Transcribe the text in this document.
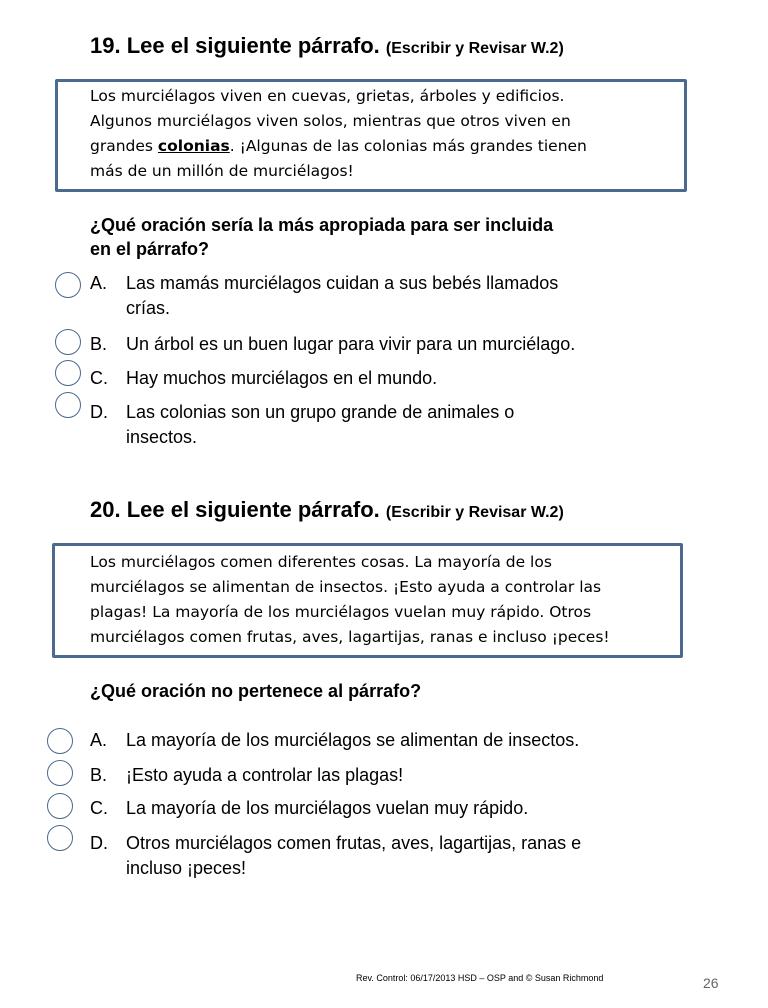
19. Lee el siguiente párrafo. (Escribir y Revisar W.2)
Los murciélagos viven en cuevas, grietas, árboles y edificios.
Algunos murciélagos viven solos, mientras que otros viven en
grandes colonias. ¡Algunas de las colonias más grandes tienen
más de un millón de murciélagos!
¿Qué oración sería la más apropiada para ser incluida
en el párrafo?
A. Las mamás murciélagos cuidan a sus bebés llamados
crías.
B. Un árbol es un buen lugar para vivir para un murciélago.
C. Hay muchos murciélagos en el mundo.
D. Las colonias son un grupo grande de animales o
insectos.
20. Lee el siguiente párrafo. (Escribir y Revisar W.2)
Los murciélagos comen diferentes cosas. La mayoría de los
murciélagos se alimentan de insectos. ¡Esto ayuda a controlar las
plagas! La mayoría de los murciélagos vuelan muy rápido. Otros
murciélagos comen frutas, aves, lagartijas, ranas e incluso ¡peces!
¿Qué oración no pertenece al párrafo?
A. La mayoría de los murciélagos se alimentan de insectos.
B. ¡Esto ayuda a controlar las plagas!
C. La mayoría de los murciélagos vuelan muy rápido.
D. Otros murciélagos comen frutas, aves, lagartijas, ranas e
incluso ¡peces!
Rev. Control: 06/17/2013 HSD – OSP and © Susan Richmond	26
